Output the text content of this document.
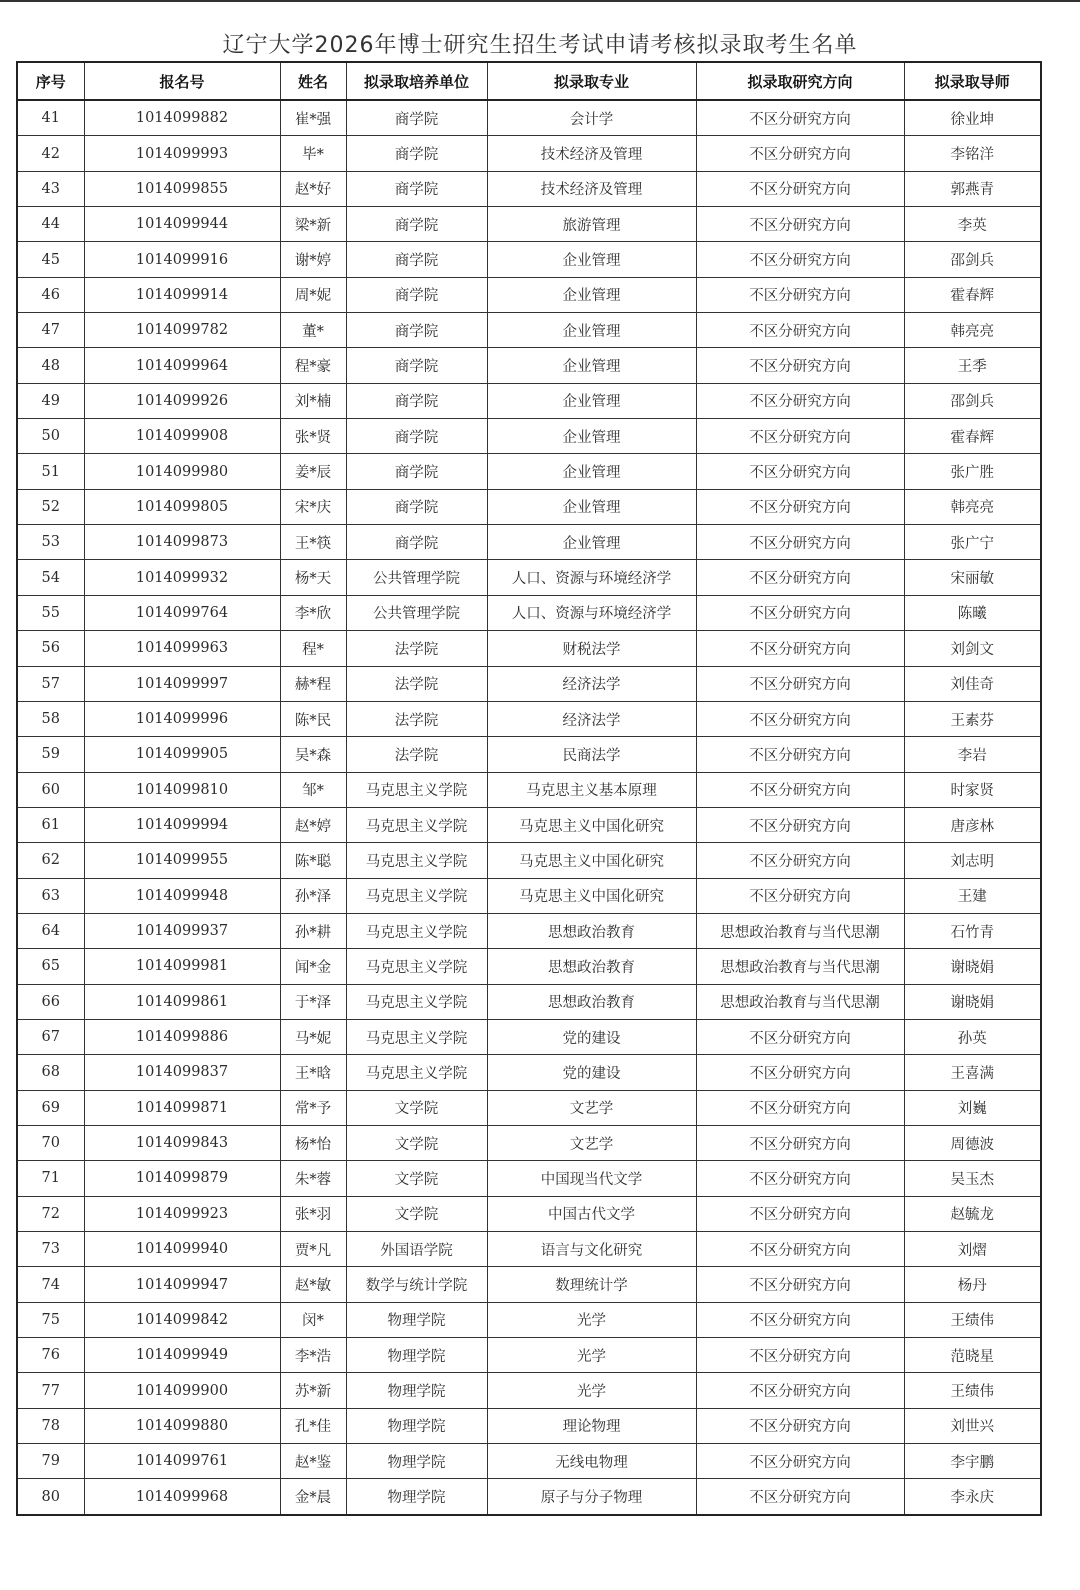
辽宁大学2026年博士研究生招生考试申请考核拟录取考生名单
序号	报名号	姓名	拟录取培养单位	拟录取专业	拟录取研究方向	拟录取导师
41	1014099882	崔*强	商学院	会计学	不区分研究方向	徐业坤
42	1014099993	毕*	商学院	技术经济及管理	不区分研究方向	李铭洋
43	1014099855	赵*好	商学院	技术经济及管理	不区分研究方向	郭燕青
44	1014099944	梁*新	商学院	旅游管理	不区分研究方向	李英
45	1014099916	谢*婷	商学院	企业管理	不区分研究方向	邵剑兵
46	1014099914	周*妮	商学院	企业管理	不区分研究方向	霍春辉
47	1014099782	董*	商学院	企业管理	不区分研究方向	韩亮亮
48	1014099964	程*豪	商学院	企业管理	不区分研究方向	王季
49	1014099926	刘*楠	商学院	企业管理	不区分研究方向	邵剑兵
50	1014099908	张*贤	商学院	企业管理	不区分研究方向	霍春辉
51	1014099980	姜*辰	商学院	企业管理	不区分研究方向	张广胜
52	1014099805	宋*庆	商学院	企业管理	不区分研究方向	韩亮亮
53	1014099873	王*筷	商学院	企业管理	不区分研究方向	张广宁
54	1014099932	杨*天	公共管理学院	人口、资源与环境经济学	不区分研究方向	宋丽敏
55	1014099764	李*欣	公共管理学院	人口、资源与环境经济学	不区分研究方向	陈曦
56	1014099963	程*	法学院	财税法学	不区分研究方向	刘剑文
57	1014099997	赫*程	法学院	经济法学	不区分研究方向	刘佳奇
58	1014099996	陈*民	法学院	经济法学	不区分研究方向	王素芬
59	1014099905	吴*森	法学院	民商法学	不区分研究方向	李岩
60	1014099810	邹*	马克思主义学院	马克思主义基本原理	不区分研究方向	时家贤
61	1014099994	赵*婷	马克思主义学院	马克思主义中国化研究	不区分研究方向	唐彦林
62	1014099955	陈*聪	马克思主义学院	马克思主义中国化研究	不区分研究方向	刘志明
63	1014099948	孙*泽	马克思主义学院	马克思主义中国化研究	不区分研究方向	王建
64	1014099937	孙*耕	马克思主义学院	思想政治教育	思想政治教育与当代思潮	石竹青
65	1014099981	闻*金	马克思主义学院	思想政治教育	思想政治教育与当代思潮	谢晓娟
66	1014099861	于*泽	马克思主义学院	思想政治教育	思想政治教育与当代思潮	谢晓娟
67	1014099886	马*妮	马克思主义学院	党的建设	不区分研究方向	孙英
68	1014099837	王*晗	马克思主义学院	党的建设	不区分研究方向	王喜满
69	1014099871	常*予	文学院	文艺学	不区分研究方向	刘巍
70	1014099843	杨*怡	文学院	文艺学	不区分研究方向	周德波
71	1014099879	朱*蓉	文学院	中国现当代文学	不区分研究方向	吴玉杰
72	1014099923	张*羽	文学院	中国古代文学	不区分研究方向	赵毓龙
73	1014099940	贾*凡	外国语学院	语言与文化研究	不区分研究方向	刘熠
74	1014099947	赵*敏	数学与统计学院	数理统计学	不区分研究方向	杨丹
75	1014099842	闵*	物理学院	光学	不区分研究方向	王绩伟
76	1014099949	李*浩	物理学院	光学	不区分研究方向	范晓星
77	1014099900	苏*新	物理学院	光学	不区分研究方向	王绩伟
78	1014099880	孔*佳	物理学院	理论物理	不区分研究方向	刘世兴
79	1014099761	赵*鉴	物理学院	无线电物理	不区分研究方向	李宇鹏
80	1014099968	金*晨	物理学院	原子与分子物理	不区分研究方向	李永庆
